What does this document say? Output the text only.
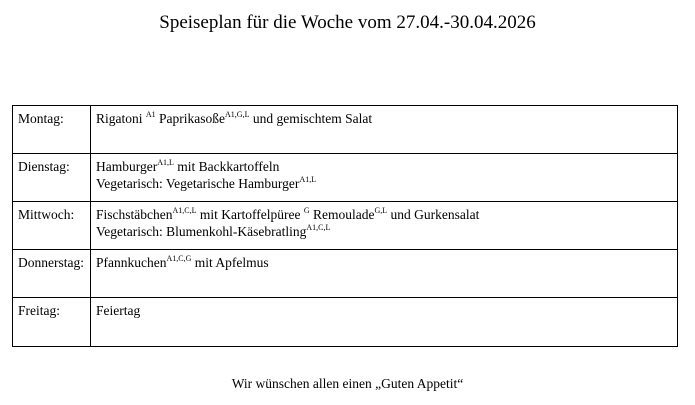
Speiseplan für die Woche vom 27.04.-30.04.2026
Montag:	Rigatoni $^{A1}$ Paprikasoße$^{A1,G,L}$ und gemischtem Salat

Dienstag:	Hamburger$^{A1,L}$ mit Backkartoffeln
Vegetarisch: Vegetarische Hamburger$^{A1,L}$

Mittwoch:	Fischstäbchen$^{A1,C,L}$ mit Kartoffelpüree $^G$ Remoulade$^{G,L}$ und Gurkensalat
Vegetarisch: Blumenkohl-Käsebratling$^{A1,C,L}$

Donnerstag:	Pfannkuchen$^{A1,C,G}$ mit Apfelmus

Freitag:	Feiertag
Wir wünschen allen einen „Guten Appetit“
